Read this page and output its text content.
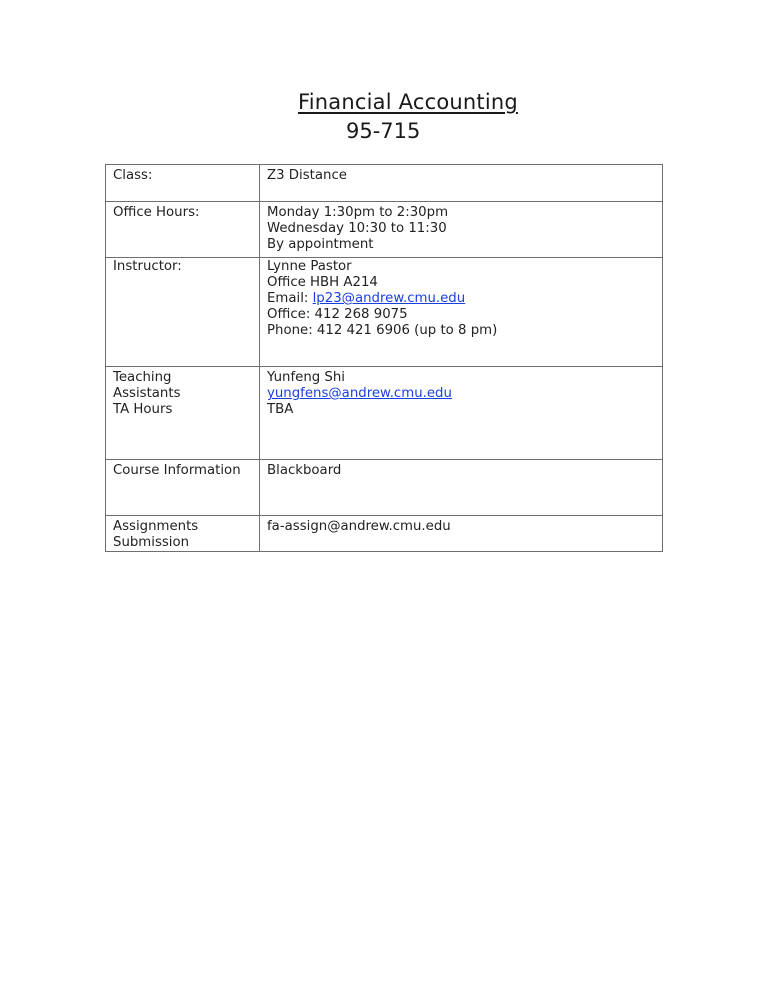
Financial Accounting
95-715
Class:	Z3 Distance

Office Hours:	Monday 1:30pm to 2:30pm
Wednesday 10:30 to 11:30
By appointment

Instructor:	Lynne Pastor
Office HBH A214
Email: lp23@andrew.cmu.edu
Office: 412 268 9075
Phone: 412 421 6906 (up to 8 pm)

Teaching
Assistants
TA Hours	Yunfeng Shi
yungfens@andrew.cmu.edu
TBA

Course Information	Blackboard

Assignments
Submission	fa-assign@andrew.cmu.edu
